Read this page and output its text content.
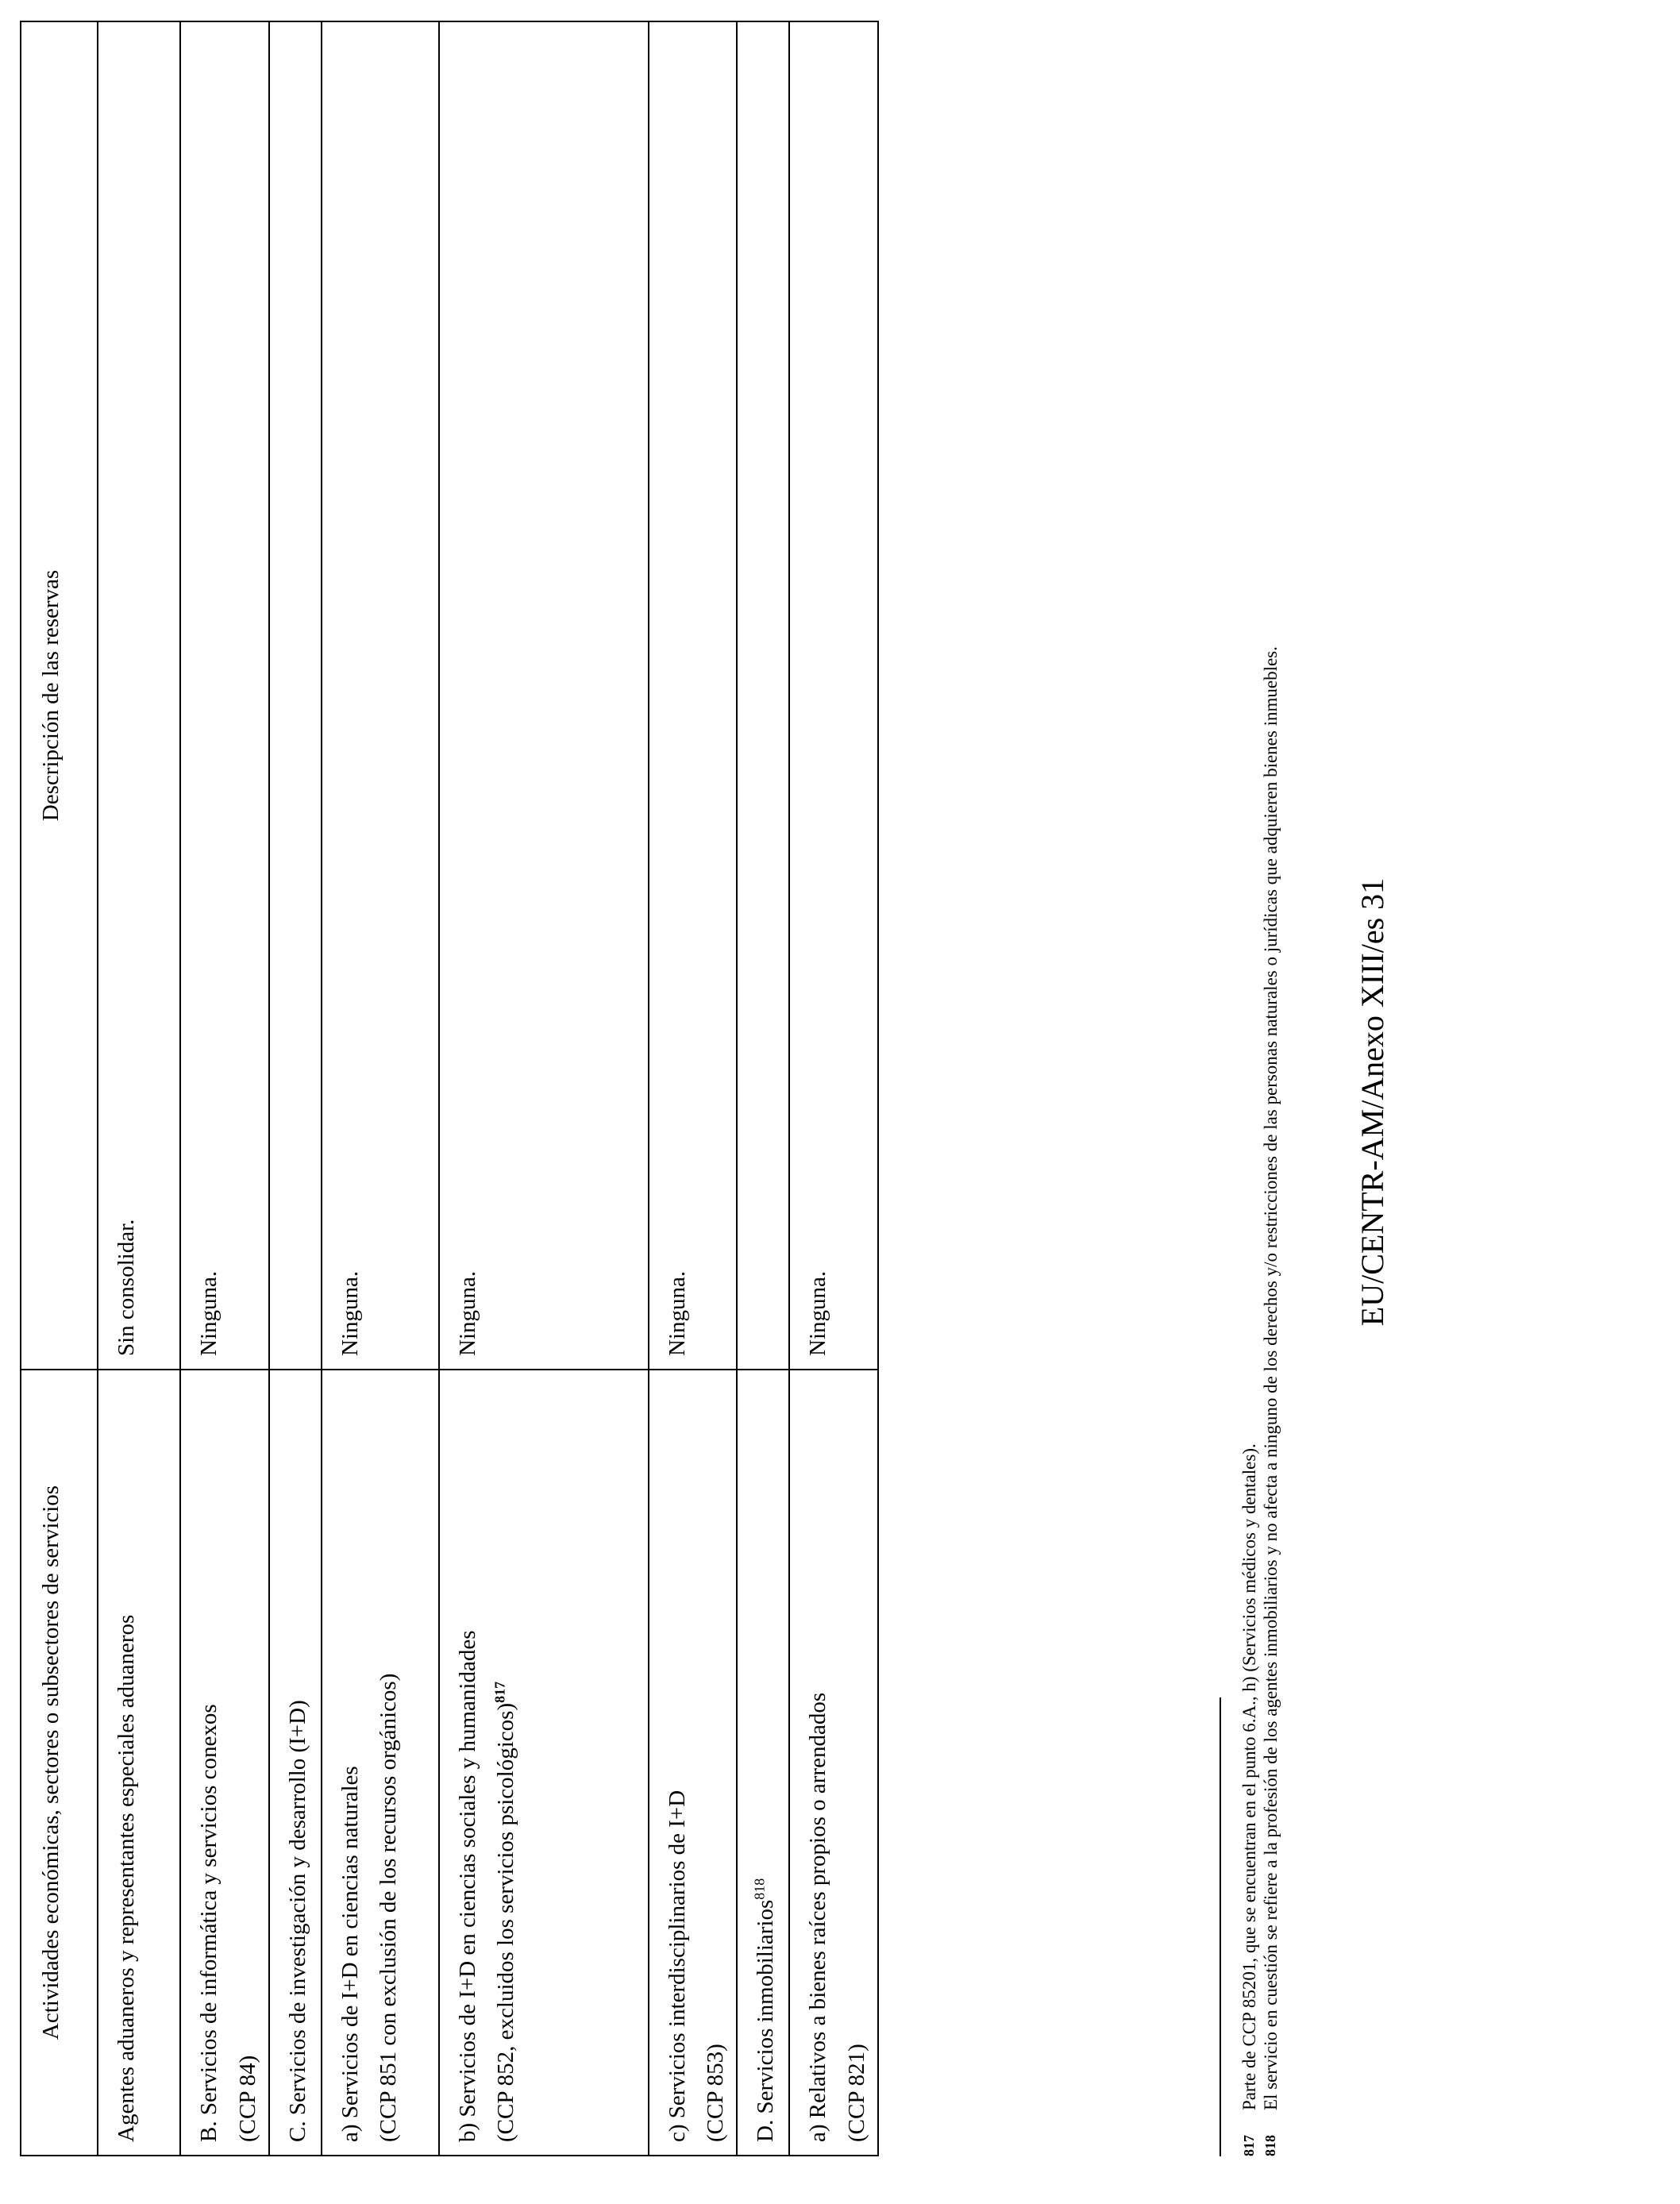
Actividades económicas, sectores o subsectores de servicios	Descripción de las reservas
Agentes aduaneros y representantes especiales aduaneros	Sin consolidar.

B. Servicios de informática y servicios conexos (CCP 84)	Ninguna.
C. Servicios de investigación y desarrollo (I+D)	

a) Servicios de I+D en ciencias naturales (CCP 851 con exclusión de los recursos orgánicos)	Ninguna.

b) Servicios de I+D en ciencias sociales y humanidades (CCP 852, excluidos los servicios psicológicos)$^{817}$	Ninguna.

c) Servicios interdisciplinarios de I+D (CCP 853)	Ninguna.
D. Servicios inmobiliarios$^{818}$	

a) Relativos a bienes raíces propios o arrendados (CCP 821)	Ninguna.
817
Parte de CCP 85201, que se encuentran en el punto 6.A., h) (Servicios médicos y dentales).
818
El servicio en cuestión se refiere a la profesión de los agentes inmobiliarios y no afecta a ninguno de los derechos y/o restricciones de las personas naturales o jurídicas que adquieren bienes inmuebles. EU/CENTR-AM/Anexo XIII/es 31
